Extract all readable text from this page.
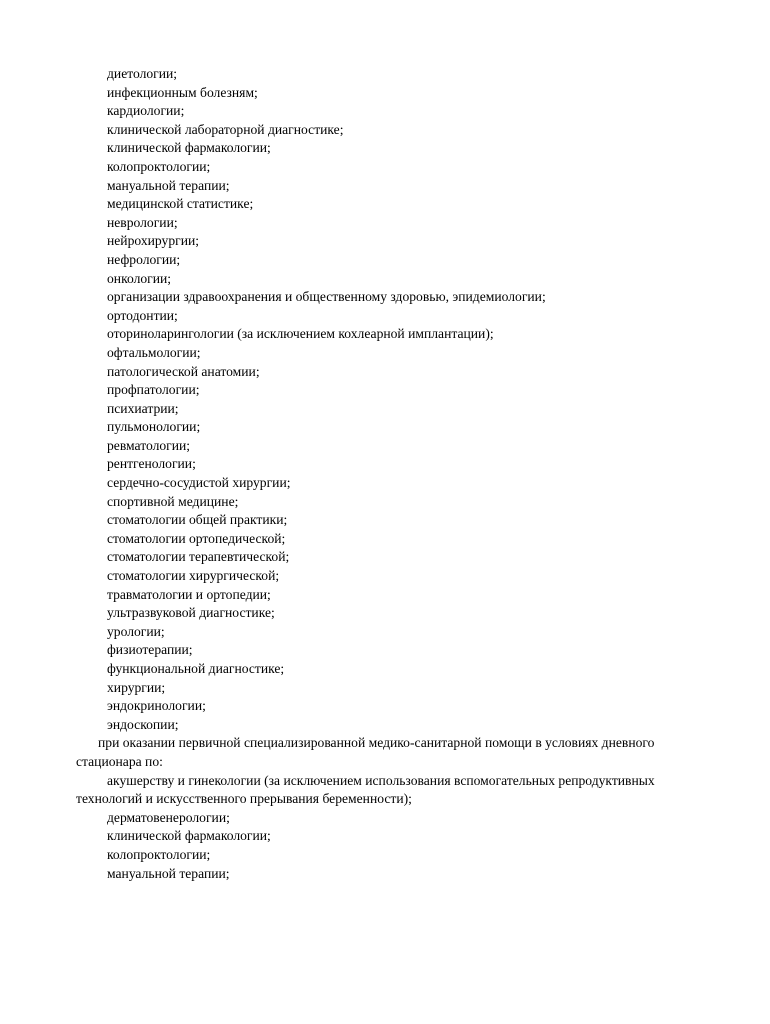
диетологии;

инфекционным болезням;

кардиологии;

клинической лабораторной диагностике;

клинической фармакологии;

колопроктологии;

мануальной терапии;

медицинской статистике;

неврологии;

нейрохирургии;

нефрологии;

онкологии;

организации здравоохранения и общественному здоровью, эпидемиологии;

ортодонтии;

оториноларингологии (за исключением кохлеарной имплантации);

офтальмологии;

патологической анатомии;

профпатологии;

психиатрии;

пульмонологии;

ревматологии;

рентгенологии;

сердечно-сосудистой хирургии;

спортивной медицине;

стоматологии общей практики;

стоматологии ортопедической;

стоматологии терапевтической;

стоматологии хирургической;

травматологии и ортопедии;

ультразвуковой диагностике;

урологии;

физиотерапии;

функциональной диагностике;

хирургии;

эндокринологии;

эндоскопии;

при оказании первичной специализированной медико-санитарной помощи в условиях дневного

стационара по:

акушерству и гинекологии (за исключением использования вспомогательных репродуктивных

технологий и искусственного прерывания беременности);

дерматовенерологии;

клинической фармакологии;

колопроктологии;

мануальной терапии;
